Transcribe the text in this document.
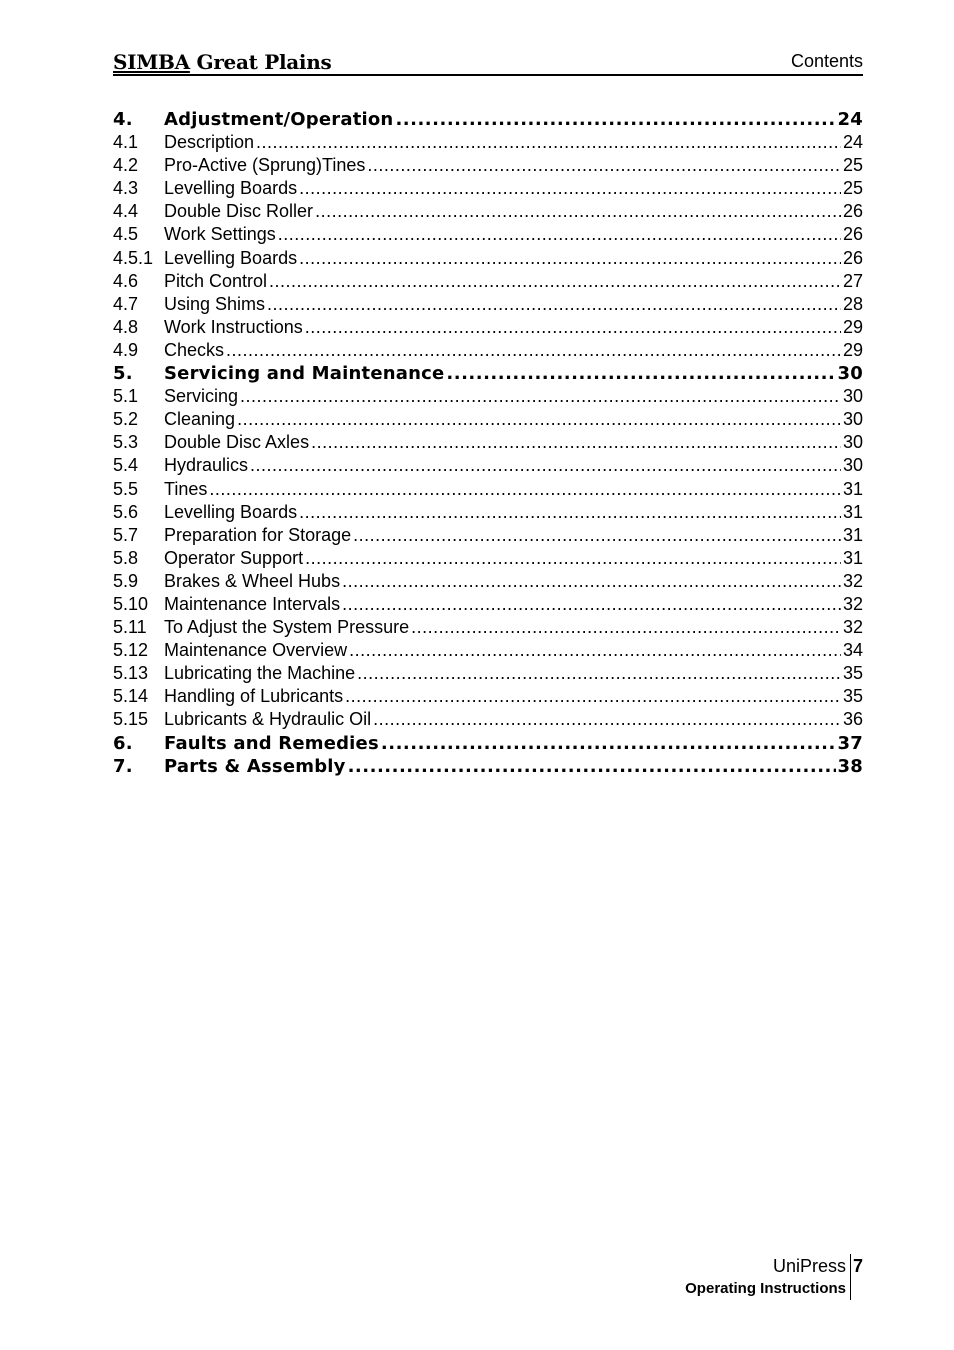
SIMBA Great Plains	Contents
4.	Adjustment/Operation .....	24
4.1	Description .....	24
4.2	Pro-Active (Sprung)Tines .....	25
4.3	Levelling Boards .....	25
4.4	Double Disc Roller .....	26
4.5	Work Settings .....	26
4.5.1 Levelling Boards .....	26
4.6	Pitch Control .....	27
4.7	Using Shims .....	28
4.8	Work Instructions .....	29
4.9	Checks .....	29
5.	Servicing and Maintenance .....	30
5.1	Servicing .....	30
5.2	Cleaning .....	30
5.3	Double Disc Axles .....	30
5.4	Hydraulics .....	30
5.5	Tines .....	31
5.6	Levelling Boards .....	31
5.7	Preparation for Storage .....	31
5.8	Operator Support .....	31
5.9	Brakes & Wheel Hubs .....	32
5.10 Maintenance Intervals .....	32
5.11 To Adjust the System Pressure .....	32
5.12 Maintenance Overview .....	34
5.13 Lubricating the Machine .....	35
5.14 Handling of Lubricants .....	35
5.15 Lubricants & Hydraulic Oil .....	36
6.	Faults and Remedies .....	37
7.	Parts & Assembly .....	38
UniPress
Operating Instructions
7
